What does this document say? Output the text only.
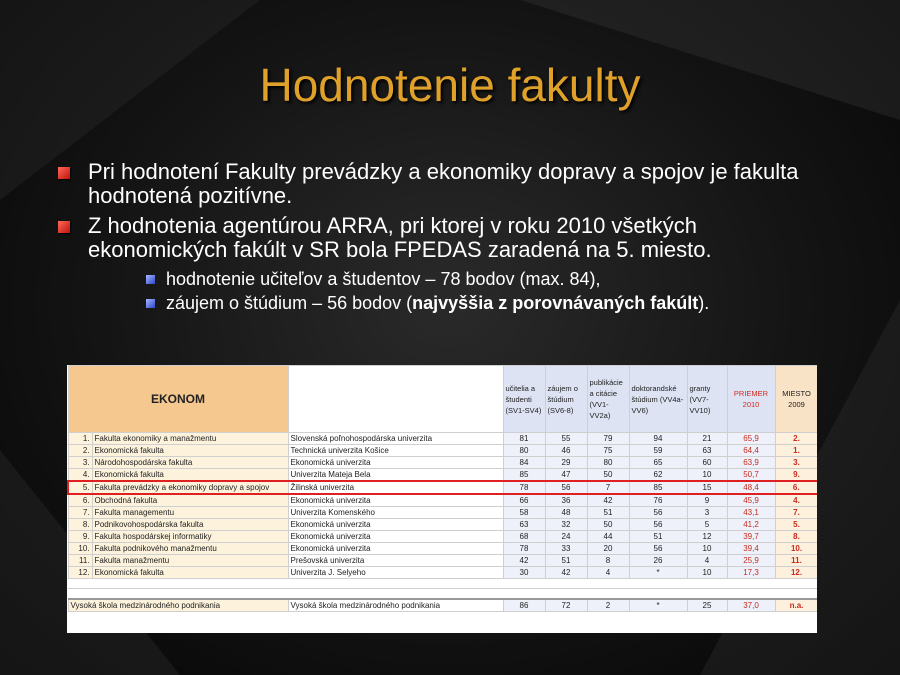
Hodnotenie fakulty
Pri hodnotení Fakulty prevádzky a ekonomiky dopravy a spojov je fakulta hodnotená pozitívne.
Z hodnotenia agentúrou ARRA, pri ktorej v roku 2010 všetkých ekonomických fakúlt v SR bola FPEDAS zaradená na 5. miesto.
hodnotenie učiteľov a študentov – 78 bodov (max. 84),
záujem o štúdium – 56 bodov (najvyššia z porovnávaných fakúlt).
EKONOM			učitelia a študenti (SV1-SV4)	záujem o štúdium (SV6-8)	publikácie a citácie (VV1-VV2a)	doktorandské štúdium (VV4a-VV6)	granty (VV7-VV10)	PRIEMER 2010	MIESTO 2009
1.	Fakulta ekonomiky a manažmentu	Slovenská poľnohospodárska univerzita	81	55	79	94	21	65,9	2.
2.	Ekonomická fakulta	Technická univerzita Košice	80	46	75	59	63	64,4	1.
3.	Národohospodárska fakulta	Ekonomická univerzita	84	29	80	65	60	63,9	3.
4.	Ekonomická fakulta	Univerzita Mateja Bela	85	47	50	62	10	50,7	9.
5.	Fakulta prevádzky a ekonomiky dopravy a spojov	Žilinská univerzita	78	56	7	85	15	48,4	6.
6.	Obchodná fakulta	Ekonomická univerzita	66	36	42	76	9	45,9	4.
7.	Fakulta managementu	Univerzita Komenského	58	48	51	56	3	43,1	7.
8.	Podnikovohospodárska fakulta	Ekonomická univerzita	63	32	50	56	5	41,2	5.
9.	Fakulta hospodárskej informatiky	Ekonomická univerzita	68	24	44	51	12	39,7	8.
10.	Fakulta podnikového manažmentu	Ekonomická univerzita	78	33	20	56	10	39,4	10.
11.	Fakulta manažmentu	Prešovská univerzita	42	51	8	26	4	25,9	11.
12.	Ekonomická fakulta	Univerzita J. Selyeho	30	42	4	*	10	17,3	12.

Vysoká škola medzinárodného podnikania		Vysoká škola medzinárodného podnikania	86	72	2	*	25	37,0	n.a.
